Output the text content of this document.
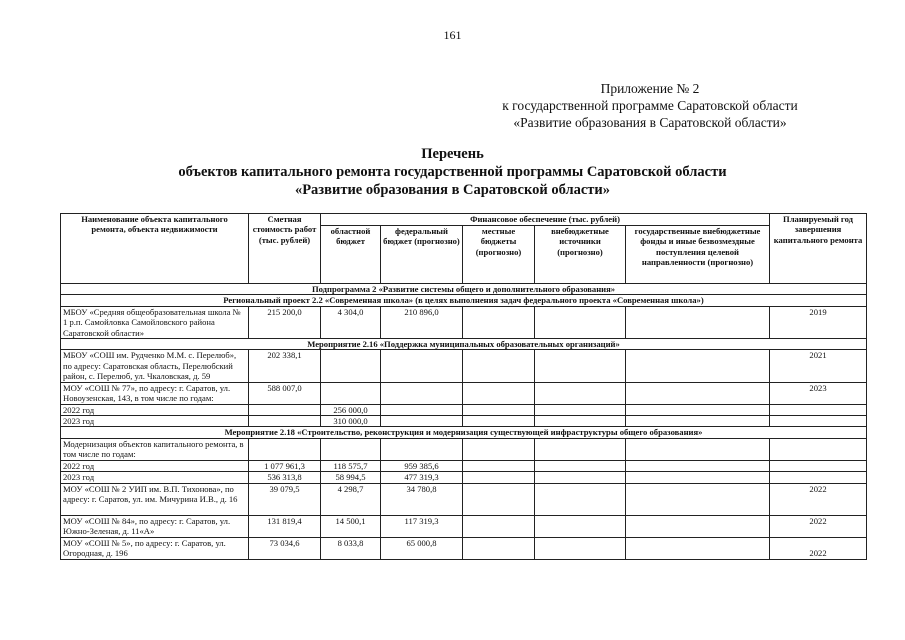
161
Приложение № 2
к государственной программе Саратовской области
«Развитие образования в Саратовской области»
Перечень
объектов капитального ремонта государственной программы Саратовской области
«Развитие образования в Саратовской области»
Наименование объекта капитального ремонта, объекта недвижимости	Сметная стоимость работ (тыс. рублей)	Финансовое обеспечение (тыс. рублей)					Планируемый год завершения капитального ремонта
		областной бюджет	федеральный бюджет (прогнозно)	местные бюджеты (прогнозно)	внебюджетные источники (прогнозно)	государственные внебюджетные фонды и иные безвозмездные поступления целевой направленности (прогнозно)	
Подпрограмма 2 «Развитие системы общего и дополнительного образования»							
Региональный проект 2.2 «Современная школа» (в целях выполнения задач федерального проекта «Современная школа»)							
МБОУ «Средняя общеобразовательная школа № 1 р.п. Самойловка Самойловского района Саратовской области»	215 200,0	4 304,0	210 896,0				2019
Мероприятие 2.16 «Поддержка муниципальных образовательных организаций»							
МБОУ «СОШ им. Рудченко М.М. с. Перелюб», по адресу: Саратовская область, Перелюбский район, с. Перелюб, ул. Чкаловская, д. 59	202 338,1						2021
МОУ «СОШ № 77», по адресу: г. Саратов, ул. Новоузенская, 143, в том числе по годам:	588 007,0						2023
2022 год		256 000,0					
2023 год		310 000,0					
Мероприятие 2.18 «Строительство, реконструкция и модернизация существующей инфраструктуры общего образования»							
Модернизация объектов капитального ремонта, в том числе по годам:							
2022 год	1 077 961,3	118 575,7	959 385,6				
2023 год	536 313,8	58 994,5	477 319,3				
МОУ «СОШ № 2 УИП им. В.П. Тихонова», по адресу: г. Саратов, ул. им. Мичурина И.В., д. 16	39 079,5	4 298,7	34 780,8				2022
МОУ «СОШ № 84», по адресу: г. Саратов, ул. Южно-Зеленая, д. 11«А»	131 819,4	14 500,1	117 319,3				2022
МОУ «СОШ № 5», по адресу: г. Саратов, ул. Огородная, д. 196	73 034,6	8 033,8	65 000,8				2022
